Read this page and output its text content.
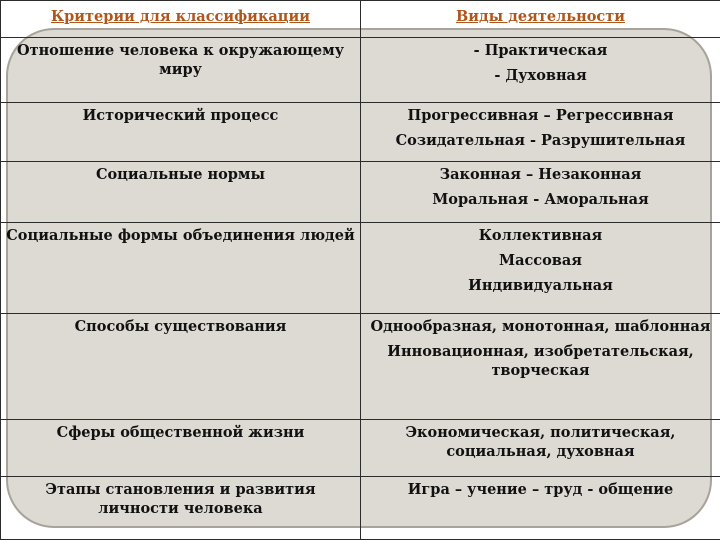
Критерии для классификации	Виды деятельности
Отношение человека к окружающему миру	- Практическая
- Духовная

Исторический процесс	Прогрессивная – Регрессивная
Созидательная - Разрушительная

Социальные нормы	Законная – Незаконная
Моральная - Аморальная

Социальные формы объединения людей	Коллективная
Массовая
Индивидуальная

Способы существования	Однообразная, монотонная, шаблонная
Инновационная, изобретательская, творческая

Сферы общественной жизни	Экономическая, политическая, социальная, духовная

Этапы становления и развития личности человека	Игра – учение – труд - общение
